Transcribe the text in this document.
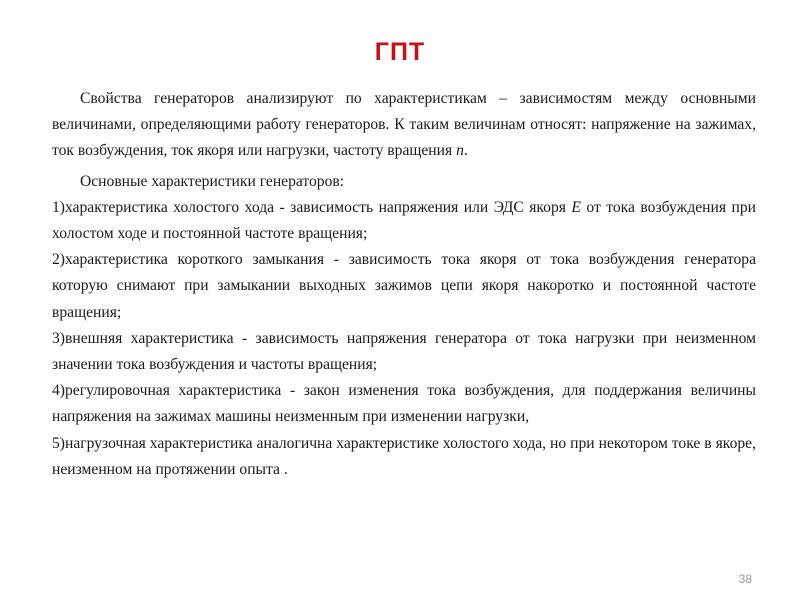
ГПТ

Свойства генераторов анализируют по характеристикам – зависимостям между основными величинами, определяющими работу генераторов. К таким величинам относят: напряжение на зажимах, ток возбуждения, ток якоря или нагрузки, частоту вращения n.

Основные характеристики генераторов:

1)характеристика холостого хода - зависимость напряжения или ЭДС якоря E от тока возбуждения при холостом ходе и постоянной частоте вращения;

2)характеристика короткого замыкания - зависимость тока якоря от тока возбуждения генератора которую снимают при замыкании выходных зажимов цепи якоря накоротко и постоянной частоте вращения;

3)внешняя характеристика - зависимость напряжения генератора от тока нагрузки при неизменном значении тока возбуждения и частоты вращения;

4)регулировочная характеристика - закон изменения тока возбуждения, для поддержания величины напряжения на зажимах машины неизменным при изменении нагрузки,

5)нагрузочная характеристика аналогична характеристике холостого хода, но при некотором токе в якоре, неизменном на протяжении опыта .

38
